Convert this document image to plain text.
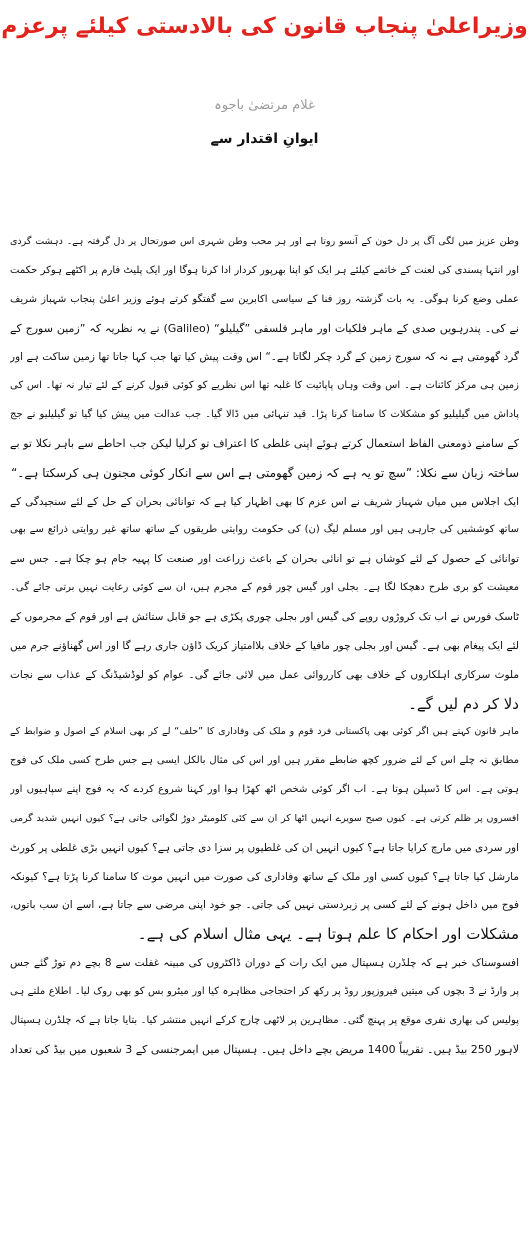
وزیراعلیٰ پنجاب قانون کی بالادستی کیلئے پرعزم
غلام مرتضیٰ باجوہ
ایوانِ اقتدار سے
وطن عزیز میں لگی آگ پر دل خون کے آنسو روتا ہے اور ہر محب وطن شہری اس صورتحال پر دل گرفتہ ہے۔ دہشت گردی
اور انتہا پسندی کی لعنت کے خاتمے کیلئے ہر ایک کو اپنا بھرپور کردار ادا کرنا ہوگا اور ایک پلیٹ فارم پر اکٹھے ہوکر حکمت
عملی وضع کرنا ہوگی۔ یہ بات گزشتہ روز فنا کے سیاسی اکابرین سے گفتگو کرتے ہوئے وزیر اعلیٰ پنجاب شہباز شریف
نے کی۔ پندرہویں صدی کے ماہر فلکیات اور ماہر فلسفی ”گیلیلو“ (Galileo) نے یہ نظریہ کہ ”زمین سورج کے
گرد گھومتی ہے نہ کہ سورج زمین کے گرد چکر لگاتا ہے۔“ اس وقت پیش کیا تھا جب کہا جاتا تھا زمین ساکت ہے اور
زمین ہی مرکز کائنات ہے۔ اس وقت وہاں پاپائیت کا غلبہ تھا اس نظریے کو کوئی قبول کرنے کے لئے تیار نہ تھا۔ اس کی
پاداش میں گیلیلیو کو مشکلات کا سامنا کرنا پڑا۔ قید تنہائی میں ڈالا گیا۔ جب عدالت میں پیش کیا گیا تو گیلیلیو نے جج
کے سامنے ذومعنی الفاظ استعمال کرتے ہوئے اپنی غلطی کا اعتراف تو کرلیا لیکن جب احاطے سے باہر نکلا تو بے
ساختہ زبان سے نکلا: ”سچ تو یہ ہے کہ زمین گھومتی ہے اس سے انکار کوئی مجنون ہی کرسکتا ہے۔“
ایک اجلاس میں میاں شہباز شریف نے اس عزم کا بھی اظہار کیا ہے کہ توانائی بحران کے حل کے لئے سنجیدگی کے
ساتھ کوششیں کی جارہی ہیں اور مسلم لیگ (ن) کی حکومت روایتی طریقوں کے ساتھ ساتھ غیر روایتی ذرائع سے بھی
توانائی کے حصول کے لئے کوشاں ہے تو انائی بحران کے باعث زراعت اور صنعت کا پہیہ جام ہو چکا ہے۔ جس سے
معیشت کو بری طرح دھچکا لگا ہے۔ بجلی اور گیس چور قوم کے مجرم ہیں، ان سے کوئی رعایت نہیں برتی جائے گی۔
ٹاسک فورس نے اب تک کروڑوں روپے کی گیس اور بجلی چوری پکڑی ہے جو قابل ستائش ہے اور قوم کے مجرموں کے
لئے ایک پیغام بھی ہے۔ گیس اور بجلی چور مافیا کے خلاف بلاامتیاز کریک ڈاؤن جاری رہے گا اور اس گھناؤنے جرم میں
ملوث سرکاری اہلکاروں کے خلاف بھی کارروائی عمل میں لائی جائے گی۔ عوام کو لوڈشیڈنگ کے عذاب سے نجات
دلا کر دم لیں گے۔
ماہر قانون کہتے ہیں اگر کوئی بھی پاکستانی فرد قوم و ملک کی وفاداری کا ”حلف“ لے کر بھی اسلام کے اصول و ضوابط کے
مطابق نہ چلے اس کے لئے ضرور کچھ ضابطے مقرر ہیں اور اس کی مثال بالکل ایسی ہے جس طرح کسی ملک کی فوج
ہوتی ہے۔ اس کا ڈسپلن ہوتا ہے۔ اب اگر کوئی شخص اٹھ کھڑا ہوا اور کہنا شروع کردے کہ یہ فوج اپنے سپاہیوں اور
افسروں پر ظلم کرتی ہے۔ کیوں صبح سویرے انہیں اٹھا کر ان سے کئی کلومیٹر دوڑ لگوائی جاتی ہے؟ کیوں انہیں شدید گرمی
اور سردی میں مارچ کرایا جاتا ہے؟ کیوں انہیں ان کی غلطیوں پر سزا دی جاتی ہے؟ کیوں انہیں بڑی غلطی پر کورٹ
مارشل کیا جاتا ہے؟ کیوں کسی اور ملک کے ساتھ وفاداری کی صورت میں انہیں موت کا سامنا کرنا پڑتا ہے؟ کیونکہ
فوج میں داخل ہونے کے لئے کسی پر زبردستی نہیں کی جاتی۔ جو خود اپنی مرضی سے جاتا ہے، اسے ان سب باتوں،
مشکلات اور احکام کا علم ہوتا ہے۔ یہی مثال اسلام کی ہے۔
افسوسناک خبر ہے کہ چلڈرن ہسپتال میں ایک رات کے دوران ڈاکٹروں کی مبینہ غفلت سے 8 بچے دم توڑ گئے جس
پر وارڈ نے 3 بچوں کی میتیں فیروزپور روڈ پر رکھ کر احتجاجی مظاہرہ کیا اور میٹرو بس کو بھی روک لیا۔ اطلاع ملتے ہی
پولیس کی بھاری نفری موقع پر پہنچ گئی۔ مظاہرین پر لاٹھی چارج کرکے انہیں منتشر کیا۔ بتایا جاتا ہے کہ چلڈرن ہسپتال
لاہور 250 بیڈ ہیں۔ تقریباً 1400 مریض بچے داخل ہیں۔ ہسپتال میں ایمرجنسی کے 3 شعبوں میں بیڈ کی تعداد
